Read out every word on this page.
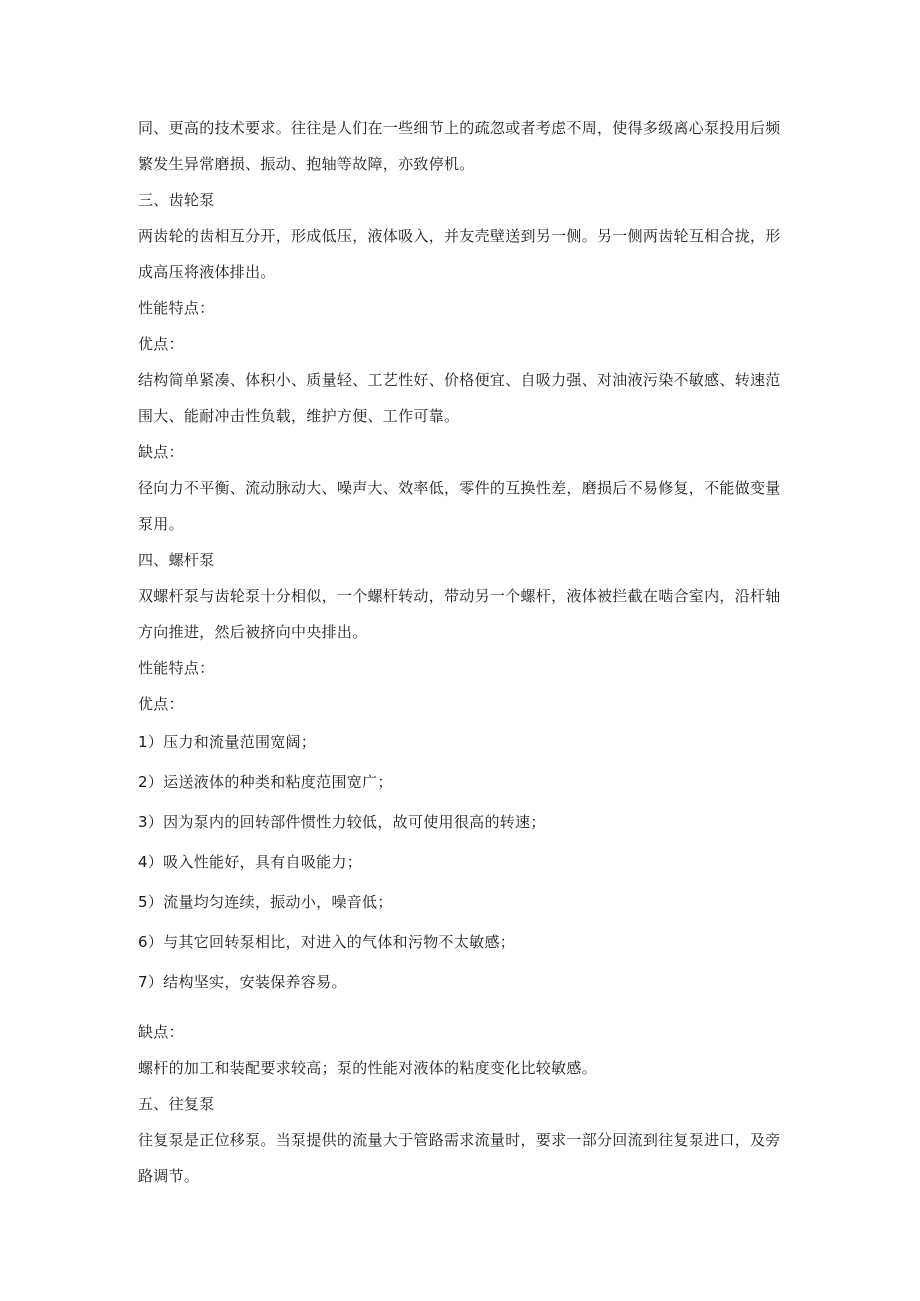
同、更高的技术要求。往往是人们在一些细节上的疏忽或者考虑不周，使得多级离心泵投用后频繁发生异常磨损、振动、抱轴等故障，亦致停机。

三、齿轮泵

两齿轮的齿相互分开，形成低压，液体吸入，并友壳壁送到另一侧。另一侧两齿轮互相合拢，形成高压将液体排出。

性能特点：

优点：

结构简单紧凑、体积小、质量轻、工艺性好、价格便宜、自吸力强、对油液污染不敏感、转速范围大、能耐冲击性负载，维护方便、工作可靠。

缺点：

径向力不平衡、流动脉动大、噪声大、效率低，零件的互换性差，磨损后不易修复，不能做变量泵用。

四、螺杆泵

双螺杆泵与齿轮泵十分相似，一个螺杆转动，带动另一个螺杆，液体被拦截在啮合室内，沿杆轴方向推进，然后被挤向中央排出。

性能特点：

优点：

1）压力和流量范围宽阔；

2）运送液体的种类和粘度范围宽广；

3）因为泵内的回转部件惯性力较低，故可使用很高的转速；

4）吸入性能好，具有自吸能力；

5）流量均匀连续，振动小，噪音低；

6）与其它回转泵相比，对进入的气体和污物不太敏感；

7）结构坚实，安装保养容易。

缺点：

螺杆的加工和装配要求较高；泵的性能对液体的粘度变化比较敏感。

五、往复泵

往复泵是正位移泵。当泵提供的流量大于管路需求流量时，要求一部分回流到往复泵进口，及旁路调节。
